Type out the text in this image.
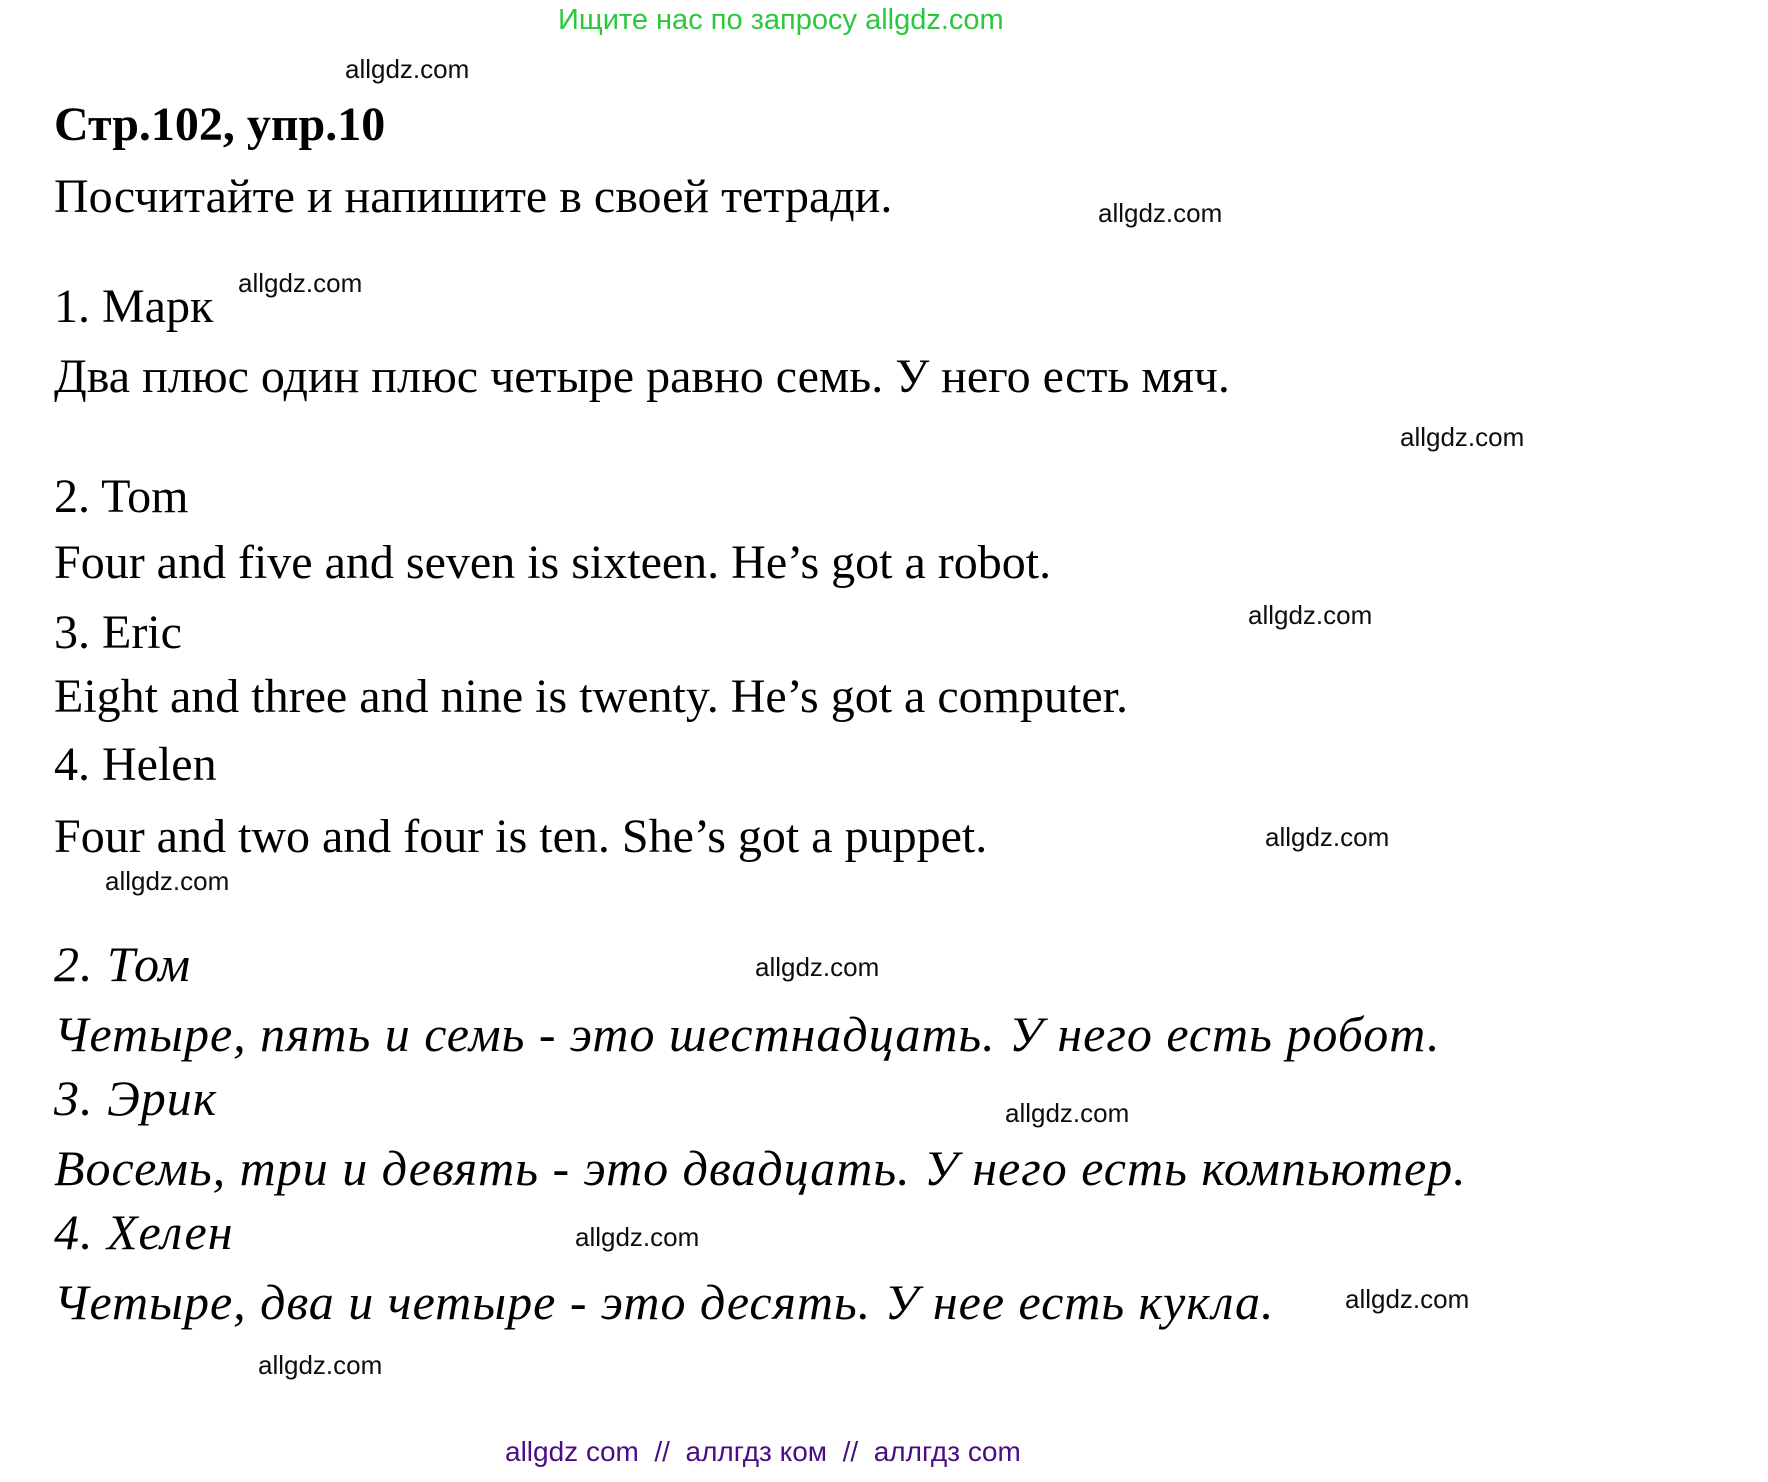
Ищите нас по запросу allgdz.com
allgdz.com
allgdz.com
allgdz.com
allgdz.com
allgdz.com
allgdz.com
allgdz.com
allgdz.com
allgdz.com
allgdz.com
allgdz.com
allgdz.com
Стр.102, упр.10
Посчитайте и напишите в своей тетради.
1. Марк
Два плюс один плюс четыре равно семь. У него есть мяч.
2. Tom
Four and five and seven is sixteen. He’s got a robot.
3. Eric
Eight and three and nine is twenty. He’s got a computer.
4. Helen
Four and two and four is ten. She’s got a puppet.
2. Том
Четыре, пять и семь - это шестнадцать. У него есть робот.
3. Эрик
Восемь, три и девять - это двадцать. У него есть компьютер.
4. Хелен
Четыре, два и четыре - это десять. У нее есть кукла.
allgdz com  //  аллгдз ком  //  аллгдз com
